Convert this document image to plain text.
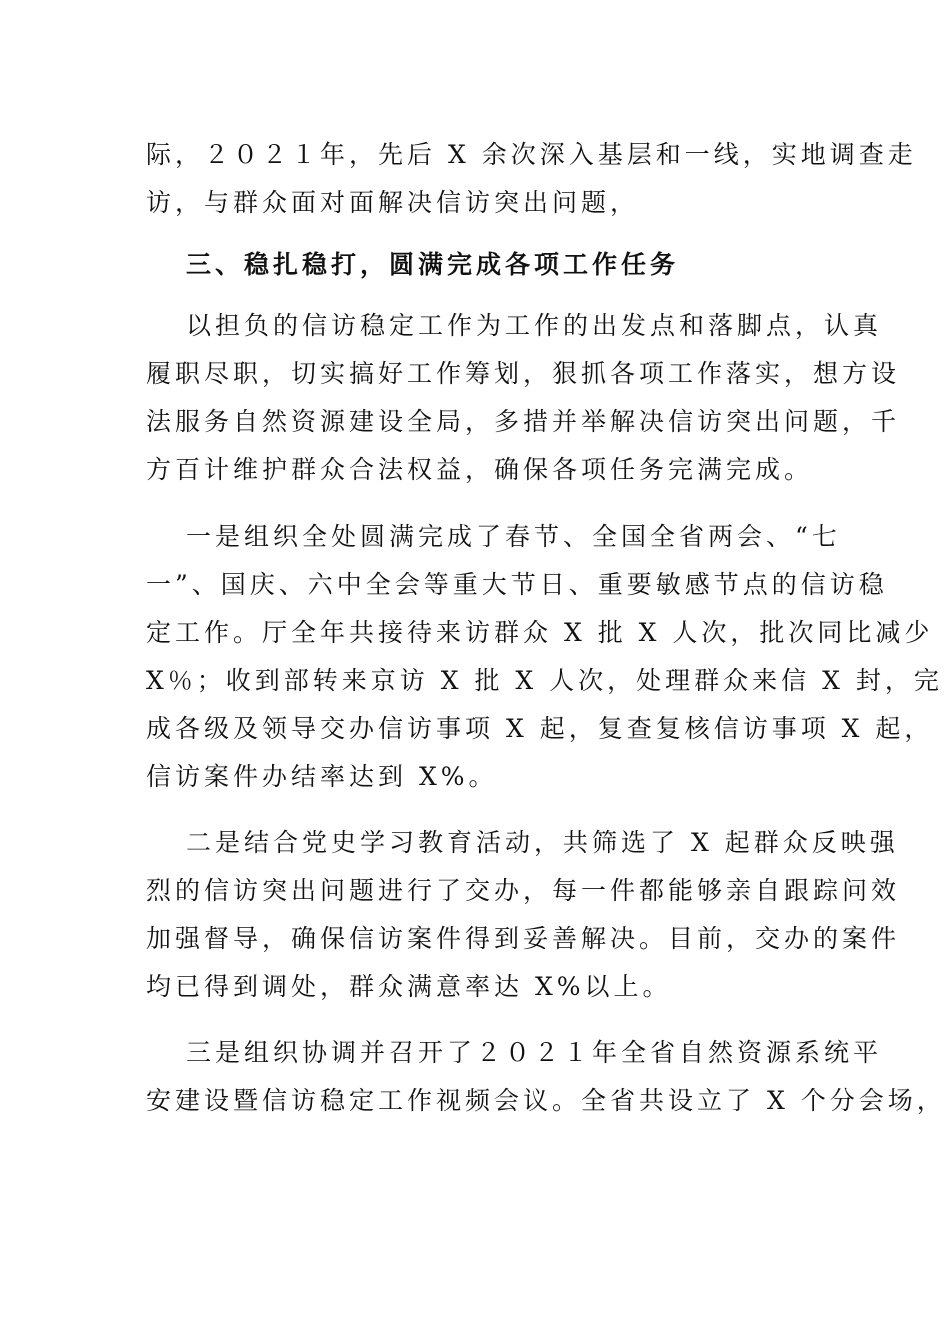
际，２０２１年，先后 X 余次深入基层和一线，实地调查走
访，与群众面对面解决信访突出问题，
三、稳扎稳打，圆满完成各项工作任务
以担负的信访稳定工作为工作的出发点和落脚点，认真
履职尽职，切实搞好工作筹划，狠抓各项工作落实，想方设
法服务自然资源建设全局，多措并举解决信访突出问题，千
方百计维护群众合法权益，确保各项任务完满完成。
一是组织全处圆满完成了春节、全国全省两会、“七
一”、国庆、六中全会等重大节日、重要敏感节点的信访稳
定工作。厅全年共接待来访群众 X 批 X 人次，批次同比减少
X％；收到部转来京访 X 批 X 人次，处理群众来信 X 封，完
成各级及领导交办信访事项 X 起，复查复核信访事项 X 起，
信访案件办结率达到 X%。
二是结合党史学习教育活动，共筛选了 X 起群众反映强
烈的信访突出问题进行了交办，每一件都能够亲自跟踪问效
加强督导，确保信访案件得到妥善解决。目前，交办的案件
均已得到调处，群众满意率达 X%以上。
三是组织协调并召开了２０２１年全省自然资源系统平
安建设暨信访稳定工作视频会议。全省共设立了 X 个分会场，
